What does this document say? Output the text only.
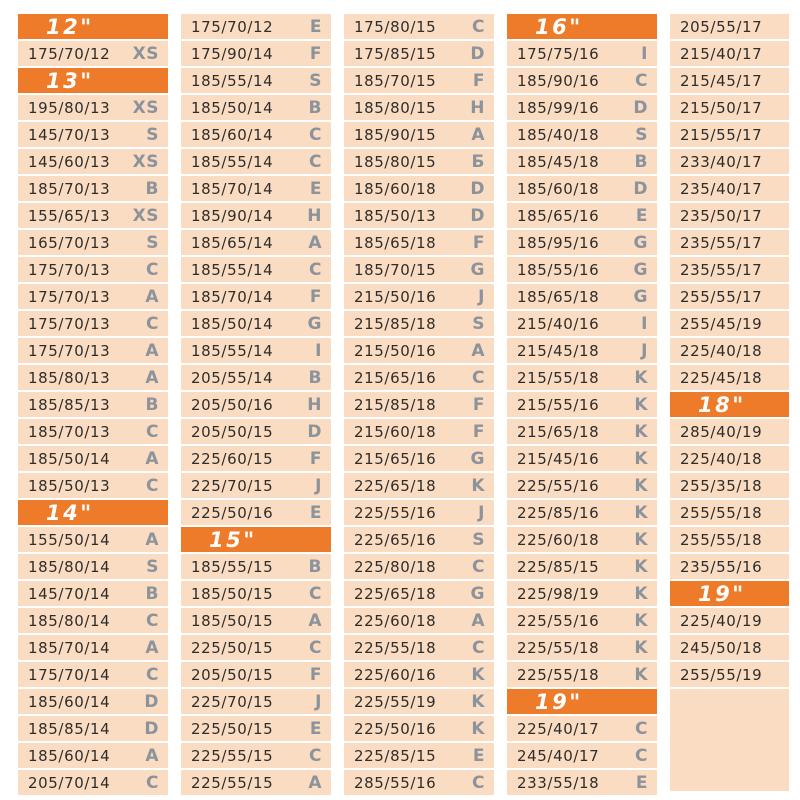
12"
175/70/12 XS
13"
195/80/13 XS
145/70/13 S
145/60/13 XS
185/70/13 B
155/65/13 XS
165/70/13 S
175/70/13 C
175/70/13 A
175/70/13 C
175/70/13 A
185/80/13 A
185/85/13 B
185/70/13 C
185/50/14 A
185/50/13 C
14"
155/50/14 A
185/80/14 S
145/70/14 B
185/80/14 C
185/70/14 A
175/70/14 C
185/60/14 D
185/85/14 D
185/60/14 A
205/70/14 C
175/70/12 E
175/90/14 F
185/55/14 S
185/50/14 B
185/60/14 C
185/55/14 C
185/70/14 E
185/90/14 H
185/65/14 A
185/55/14 C
185/70/14 F
185/50/14 G
185/55/14 I
205/55/14 B
205/50/16 H
205/50/15 D
225/60/15 F
225/70/15 J
225/50/16 E
15"
185/55/15 B
185/50/15 C
185/50/15 A
225/50/15 C
205/50/15 F
225/70/15 J
225/50/15 E
225/55/15 C
225/55/15 A
175/80/15 C
175/85/15 D
185/70/15 F
185/80/15 H
185/90/15 A
185/80/15 Б
185/60/18 D
185/50/13 D
185/65/18 F
185/70/15 G
215/50/16 J
215/85/18 S
215/50/16 A
215/65/16 C
215/85/18 F
215/60/18 F
215/65/16 G
225/65/18 K
225/55/16 J
225/65/16 S
225/80/18 C
225/65/18 G
225/60/18 A
225/55/18 C
225/60/16 K
225/55/19 K
225/50/16 K
225/85/15 E
285/55/16 C
16"
175/75/16 I
185/90/16 C
185/99/16 D
185/40/18 S
185/45/18 B
185/60/18 D
185/65/16 E
185/95/16 G
185/55/16 G
185/65/18 G
215/40/16 I
215/45/18 J
215/55/18 K
215/55/16 K
215/65/18 K
215/45/16 K
225/55/16 K
225/85/16 K
225/60/18 K
225/85/15 K
225/98/19 K
225/55/16 K
225/55/18 K
225/55/18 K
19"
225/40/17 C
245/40/17 C
233/55/18 E
205/55/17
215/40/17
215/45/17
215/50/17
215/55/17
233/40/17
235/40/17
235/50/17
235/55/17
235/55/17
255/55/17
255/45/19
225/40/18
225/45/18
18"
285/40/19
225/40/18
255/35/18
255/55/18
255/55/18
235/55/16
19"
225/40/19
245/50/18
255/55/19
